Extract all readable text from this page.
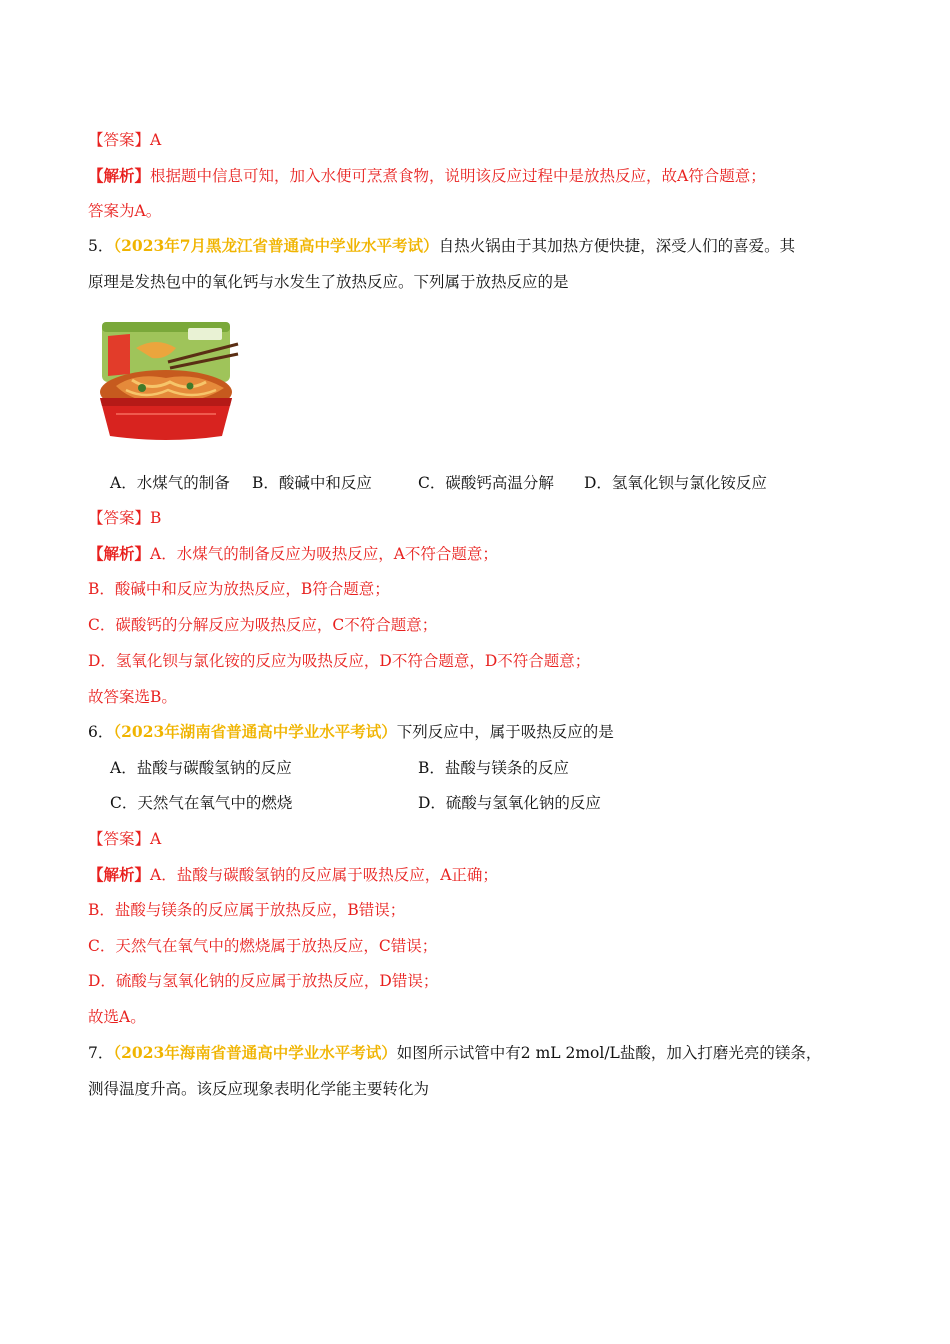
【答案】A
【解析】根据题中信息可知，加入水便可烹煮食物，说明该反应过程中是放热反应，故A符合题意；
答案为A。
5．（2023年7月黑龙江省普通高中学业水平考试）自热火锅由于其加热方便快捷，深受人们的喜爱。其
原理是发热包中的氧化钙与水发生了放热反应。下列属于放热反应的是
A．水煤气的制备 B．酸碱中和反应	C．碳酸钙高温分解 D．氢氧化钡与氯化铵反应
【答案】B
【解析】A．水煤气的制备反应为吸热反应，A不符合题意；
B．酸碱中和反应为放热反应，B符合题意；
C．碳酸钙的分解反应为吸热反应，C不符合题意；
D．氢氧化钡与氯化铵的反应为吸热反应，D不符合题意，D不符合题意；
故答案选B。
6．（2023年湖南省普通高中学业水平考试）下列反应中，属于吸热反应的是
A．盐酸与碳酸氢钠的反应	B．盐酸与镁条的反应
C．天然气在氧气中的燃烧	D．硫酸与氢氧化钠的反应
【答案】A
【解析】A．盐酸与碳酸氢钠的反应属于吸热反应，A正确；
B．盐酸与镁条的反应属于放热反应，B错误；
C．天然气在氧气中的燃烧属于放热反应，C错误；
D．硫酸与氢氧化钠的反应属于放热反应，D错误；
故选A。
7．（2023年海南省普通高中学业水平考试）如图所示试管中有2 mL 2mol/L盐酸，加入打磨光亮的镁条，
测得温度升高。该反应现象表明化学能主要转化为
